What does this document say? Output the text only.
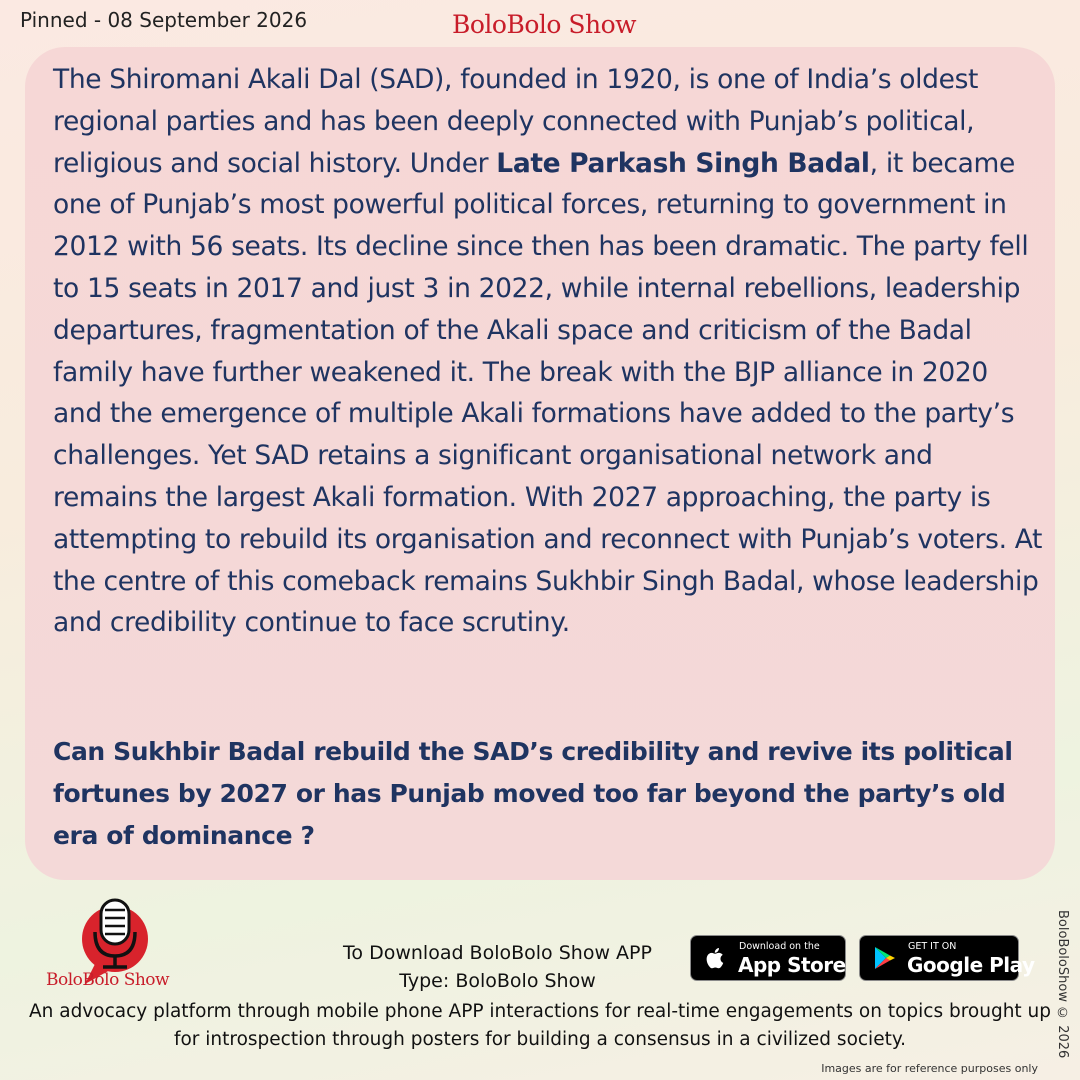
Pinned - 08 September 2026	BoloBolo Show

The Shiromani Akali Dal (SAD), founded in 1920, is one of India’s oldest regional parties and has been deeply connected with Punjab’s political, religious and social history. Under Late Parkash Singh Badal, it became one of Punjab’s most powerful political forces, returning to government in 2012 with 56 seats. Its decline since then has been dramatic. The party fell to 15 seats in 2017 and just 3 in 2022, while internal rebellions, leadership departures, fragmentation of the Akali space and criticism of the Badal family have further weakened it. The break with the BJP alliance in 2020 and the emergence of multiple Akali formations have added to the party’s challenges. Yet SAD retains a significant organisational network and remains the largest Akali formation. With 2027 approaching, the party is attempting to rebuild its organisation and reconnect with Punjab’s voters. At the centre of this comeback remains Sukhbir Singh Badal, whose leadership and credibility continue to face scrutiny.

Can Sukhbir Badal rebuild the SAD’s credibility and revive its political fortunes by 2027 or has Punjab moved too far beyond the party’s old era of dominance ?

BoloBolo Show
To Download BoloBolo Show APP
Type: BoloBolo Show
Download on the
App Store
GET IT ON
Google Play

An advocacy platform through mobile phone APP interactions for real-time engagements on topics brought up for introspection through posters for building a consensus in a civilized society.	BoloBoloShow © 2026
Images are for reference purposes only
